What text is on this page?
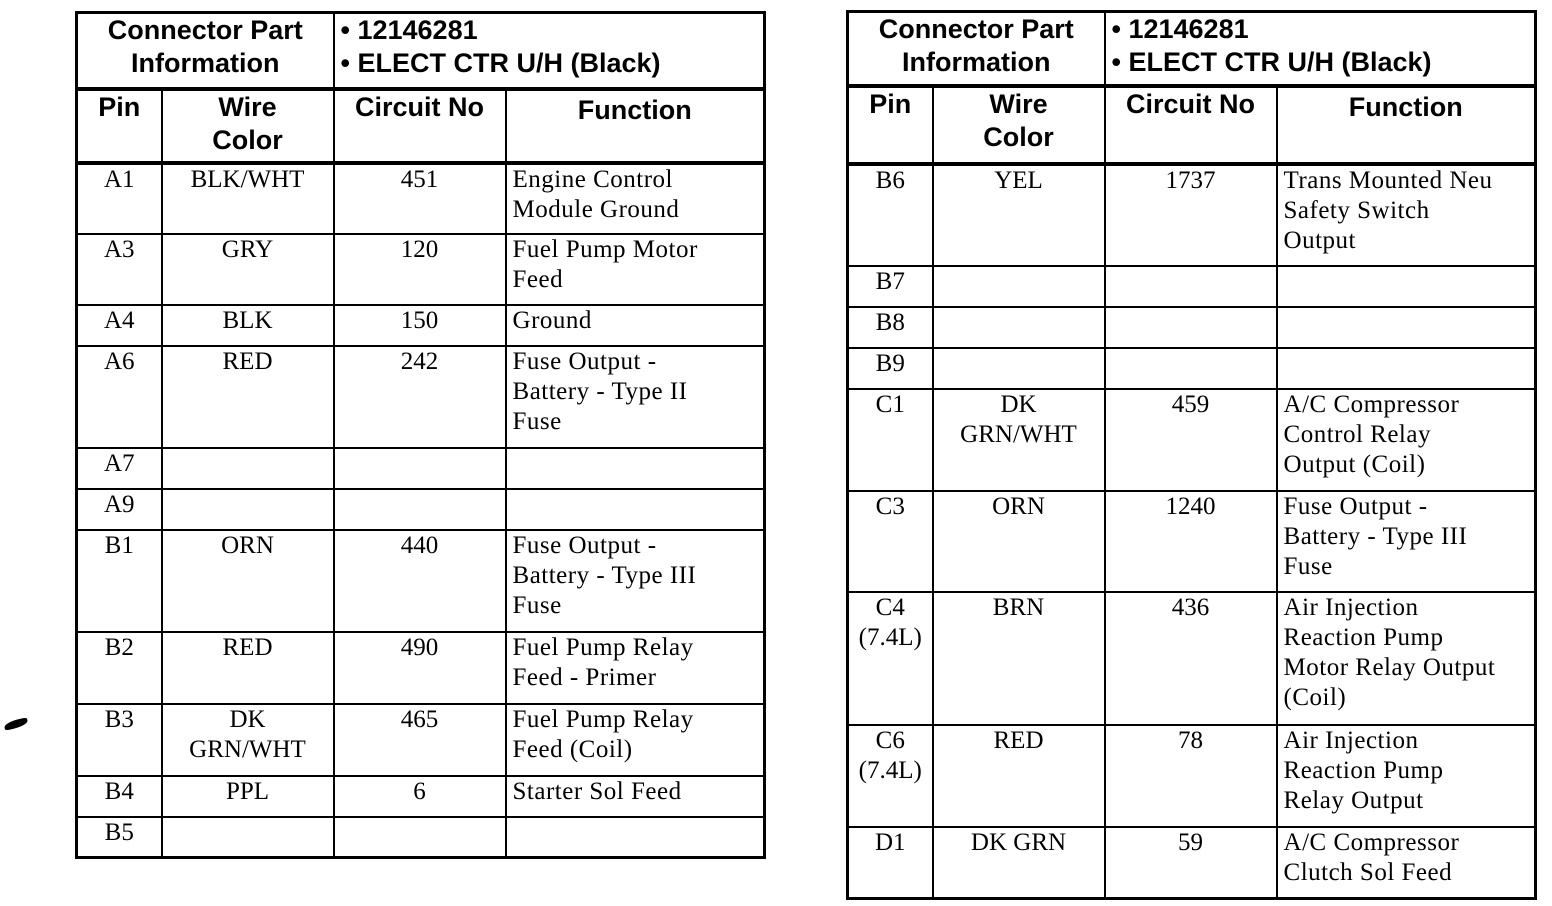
Connector Part Information		• 12146281
• ELECT CTR U/H (Black)	

Pin	Wire Color	Circuit No	Function
A1	BLK/WHT	451	Engine Control
Module Ground
A3	GRY	120	Fuel Pump Motor
Feed
A4	BLK	150	Ground
A6	RED	242	Fuse Output -
Battery - Type II
Fuse
A7			
A9			
B1	ORN	440	Fuse Output -
Battery - Type III
Fuse
B2	RED	490	Fuel Pump Relay
Feed - Primer
B3	DK
GRN/WHT	465	Fuel Pump Relay
Feed (Coil)
B4	PPL	6	Starter Sol Feed
B5			
Connector Part Information		• 12146281
• ELECT CTR U/H (Black)	

Pin	Wire Color	Circuit No	Function
B6	YEL	1737	Trans Mounted Neu
Safety Switch
Output
B7			
B8			
B9			
C1	DK
GRN/WHT	459	A/C Compressor
Control Relay
Output (Coil)
C3	ORN	1240	Fuse Output -
Battery - Type III
Fuse
C4
(7.4L)	BRN	436	Air Injection
Reaction Pump
Motor Relay Output
(Coil)
C6
(7.4L)	RED	78	Air Injection
Reaction Pump
Relay Output
D1	DK GRN	59	A/C Compressor
Clutch Sol Feed
